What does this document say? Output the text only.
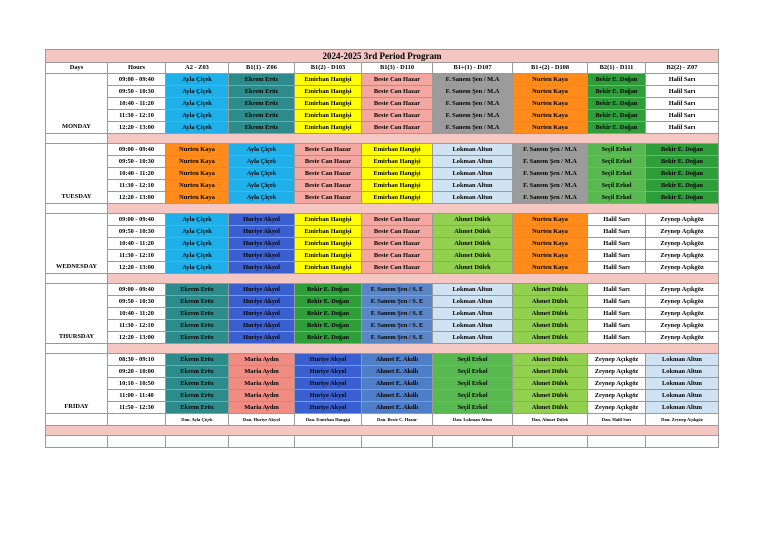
2024-2025 3rd Period Program									
Days	Hours	A2 - Z03	B1(1) - Z06	B1(2) - D103	B1(3) - D110	B1+(1) - D107	B1+(2) - D108	B2(1) - D111	B2(2) - Z07
MONDAY	09:00 - 09:40	Ayla Çiçek	Ekrem Eröz	Emirhan Hangişi	Beste Can Hazar	F. Sanem Şen / M.A	Nurten Kaya	Bekir E. Doğan	Halil Sarı
	09:50 - 10:30	Ayla Çiçek	Ekrem Eröz	Emirhan Hangişi	Beste Can Hazar	F. Sanem Şen / M.A	Nurten Kaya	Bekir E. Doğan	Halil Sarı
	10:40 - 11:20	Ayla Çiçek	Ekrem Eröz	Emirhan Hangişi	Beste Can Hazar	F. Sanem Şen / M.A	Nurten Kaya	Bekir E. Doğan	Halil Sarı
	11:30 - 12:10	Ayla Çiçek	Ekrem Eröz	Emirhan Hangişi	Beste Can Hazar	F. Sanem Şen / M.A	Nurten Kaya	Bekir E. Doğan	Halil Sarı
	12:20 - 13:00	Ayla Çiçek	Ekrem Eröz	Emirhan Hangişi	Beste Can Hazar	F. Sanem Şen / M.A	Nurten Kaya	Bekir E. Doğan	Halil Sarı

TUESDAY	09:00 - 09:40	Nurten Kaya	Ayla Çiçek	Beste Can Hazar	Emirhan Hangişi	Lokman Altun	F. Sanem Şen / M.A	Seçil Erkol	Bekir E. Doğan
	09:50 - 10:30	Nurten Kaya	Ayla Çiçek	Beste Can Hazar	Emirhan Hangişi	Lokman Altun	F. Sanem Şen / M.A	Seçil Erkol	Bekir E. Doğan
	10:40 - 11:20	Nurten Kaya	Ayla Çiçek	Beste Can Hazar	Emirhan Hangişi	Lokman Altun	F. Sanem Şen / M.A	Seçil Erkol	Bekir E. Doğan
	11:30 - 12:10	Nurten Kaya	Ayla Çiçek	Beste Can Hazar	Emirhan Hangişi	Lokman Altun	F. Sanem Şen / M.A	Seçil Erkol	Bekir E. Doğan
	12:20 - 13:00	Nurten Kaya	Ayla Çiçek	Beste Can Hazar	Emirhan Hangişi	Lokman Altun	F. Sanem Şen / M.A	Seçil Erkol	Bekir E. Doğan

WEDNESDAY	09:00 - 09:40	Ayla Çiçek	Huriye Akyol	Emirhan Hangişi	Beste Can Hazar	Ahmet Dülek	Nurten Kaya	Halil Sarı	Zeynep Açıkgöz
	09:50 - 10:30	Ayla Çiçek	Huriye Akyol	Emirhan Hangişi	Beste Can Hazar	Ahmet Dülek	Nurten Kaya	Halil Sarı	Zeynep Açıkgöz
	10:40 - 11:20	Ayla Çiçek	Huriye Akyol	Emirhan Hangişi	Beste Can Hazar	Ahmet Dülek	Nurten Kaya	Halil Sarı	Zeynep Açıkgöz
	11:30 - 12:10	Ayla Çiçek	Huriye Akyol	Emirhan Hangişi	Beste Can Hazar	Ahmet Dülek	Nurten Kaya	Halil Sarı	Zeynep Açıkgöz
	12:20 - 13:00	Ayla Çiçek	Huriye Akyol	Emirhan Hangişi	Beste Can Hazar	Ahmet Dülek	Nurten Kaya	Halil Sarı	Zeynep Açıkgöz

THURSDAY	09:00 - 09:40	Ekrem Eröz	Huriye Akyol	Bekir E. Doğan	F. Sanem Şen / S. E	Lokman Altun	Ahmet Dülek	Halil Sarı	Zeynep Açıkgöz
	09:50 - 10:30	Ekrem Eröz	Huriye Akyol	Bekir E. Doğan	F. Sanem Şen / S. E	Lokman Altun	Ahmet Dülek	Halil Sarı	Zeynep Açıkgöz
	10:40 - 11:20	Ekrem Eröz	Huriye Akyol	Bekir E. Doğan	F. Sanem Şen / S. E	Lokman Altun	Ahmet Dülek	Halil Sarı	Zeynep Açıkgöz
	11:30 - 12:10	Ekrem Eröz	Huriye Akyol	Bekir E. Doğan	F. Sanem Şen / S. E	Lokman Altun	Ahmet Dülek	Halil Sarı	Zeynep Açıkgöz
	12:20 - 13:00	Ekrem Eröz	Huriye Akyol	Bekir E. Doğan	F. Sanem Şen / S. E	Lokman Altun	Ahmet Dülek	Halil Sarı	Zeynep Açıkgöz

FRIDAY	08:30 - 09:10	Ekrem Eröz	Maria Aydın	Huriye Akyol	Ahmet E. Akıllı	Seçil Erkol	Ahmet Dülek	Zeynep Açıkgöz	Lokman Altun
	09:20 - 10:00	Ekrem Eröz	Maria Aydın	Huriye Akyol	Ahmet E. Akıllı	Seçil Erkol	Ahmet Dülek	Zeynep Açıkgöz	Lokman Altun
	10:10 - 10:50	Ekrem Eröz	Maria Aydın	Huriye Akyol	Ahmet E. Akıllı	Seçil Erkol	Ahmet Dülek	Zeynep Açıkgöz	Lokman Altun
	11:00 - 11:40	Ekrem Eröz	Maria Aydın	Huriye Akyol	Ahmet E. Akıllı	Seçil Erkol	Ahmet Dülek	Zeynep Açıkgöz	Lokman Altun
	11:50 - 12:30	Ekrem Eröz	Maria Aydın	Huriye Akyol	Ahmet E. Akıllı	Seçil Erkol	Ahmet Dülek	Zeynep Açıkgöz	Lokman Altun
		Dan. Ayla Çiçek	Dan. Huriye Akyol	Dan. Emirhan Hangişi	Dan. Beste C. Hazar	Dan. Lokman Altun	Dan. Ahmet Dülek	Dan. Halil Sarı	Dan. Zeynep Açıkgöz
